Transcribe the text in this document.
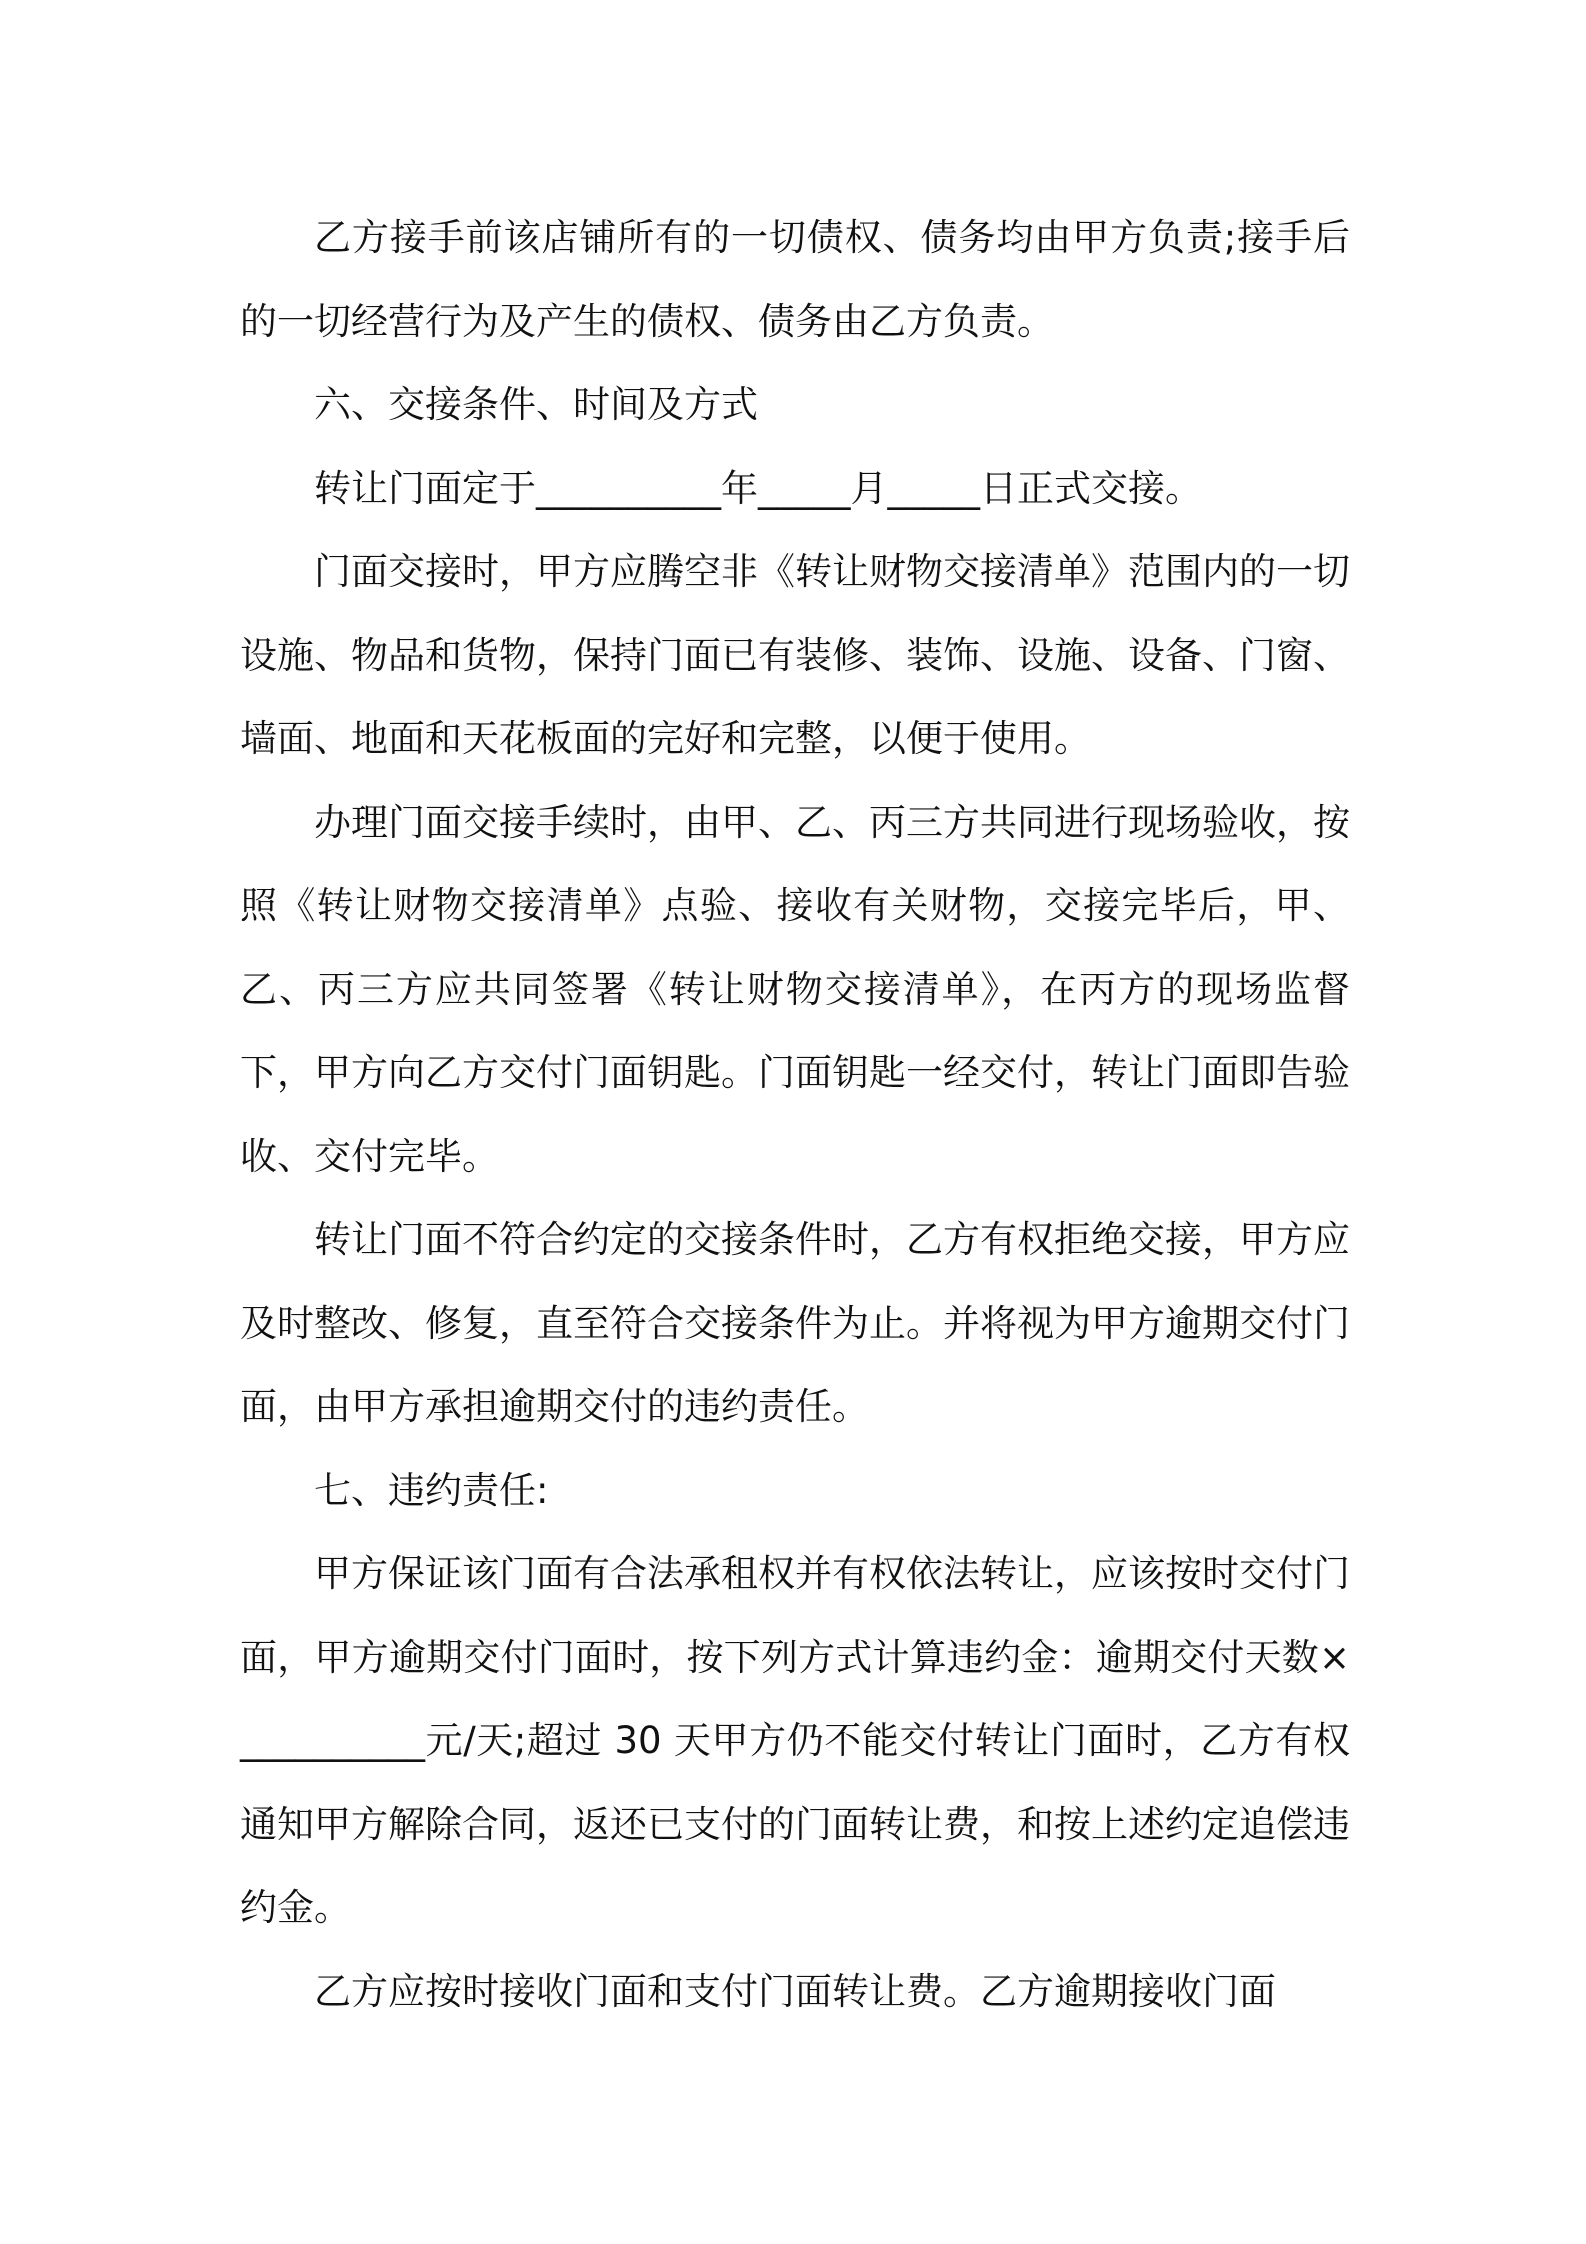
乙方接手前该店铺所有的一切债权、债务均由甲方负责;接手后的一切经营行为及产生的债权、债务由乙方负责。

六、交接条件、时间及方式

转让门面定于__________年_____月_____日正式交接。

门面交接时，甲方应腾空非《转让财物交接清单》范围内的一切设施、物品和货物，保持门面已有装修、装饰、设施、设备、门窗、墙面、地面和天花板面的完好和完整，以便于使用。

办理门面交接手续时，由甲、乙、丙三方共同进行现场验收，按照《转让财物交接清单》点验、接收有关财物，交接完毕后，甲、乙、丙三方应共同签署《转让财物交接清单》，在丙方的现场监督下，甲方向乙方交付门面钥匙。门面钥匙一经交付，转让门面即告验收、交付完毕。

转让门面不符合约定的交接条件时，乙方有权拒绝交接，甲方应及时整改、修复，直至符合交接条件为止。并将视为甲方逾期交付门面，由甲方承担逾期交付的违约责任。

七、违约责任:

甲方保证该门面有合法承租权并有权依法转让，应该按时交付门面，甲方逾期交付门面时，按下列方式计算违约金：逾期交付天数×__________元/天;超过 30 天甲方仍不能交付转让门面时，乙方有权通知甲方解除合同，返还已支付的门面转让费，和按上述约定追偿违约金。

乙方应按时接收门面和支付门面转让费。乙方逾期接收门面
